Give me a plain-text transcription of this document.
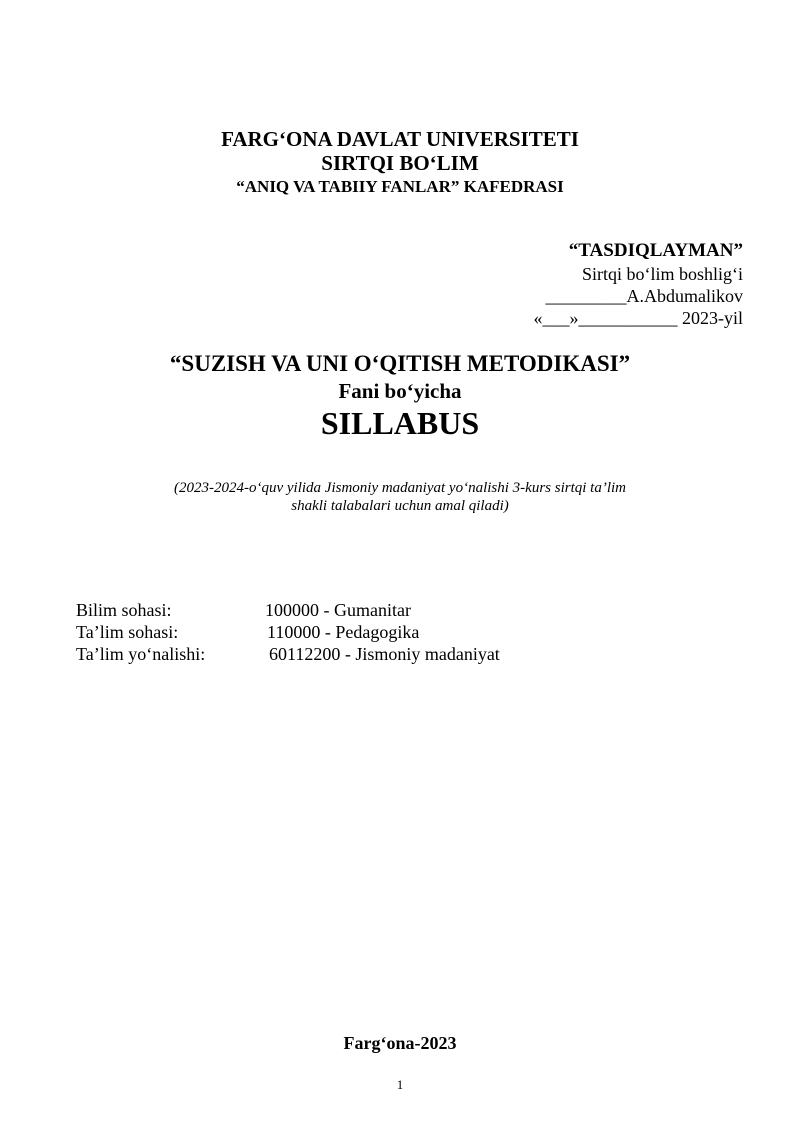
FARG‘ONA DAVLAT UNIVERSITETI
SIRTQI BO‘LIM
“ANIQ VA TABIIY FANLAR” KAFEDRASI
“TASDIQLAYMAN”
Sirtqi bo‘lim boshlig‘i
_________A.Abdumalikov
«___»___________ 2023-yil
“SUZISH VA UNI O‘QITISH METODIKASI”
Fani bo‘yicha
SILLABUS
(2023-2024-o‘quv yilida Jismoniy madaniyat yo‘nalishi 3-kurs sirtqi ta’lim
shakli talabalari uchun amal qiladi)
Bilim sohasi:	100000 - Gumanitar
Ta’lim sohasi:	110000 - Pedagogika
Ta’lim yo‘nalishi:	60112200 - Jismoniy madaniyat
Farg‘ona-2023
1
